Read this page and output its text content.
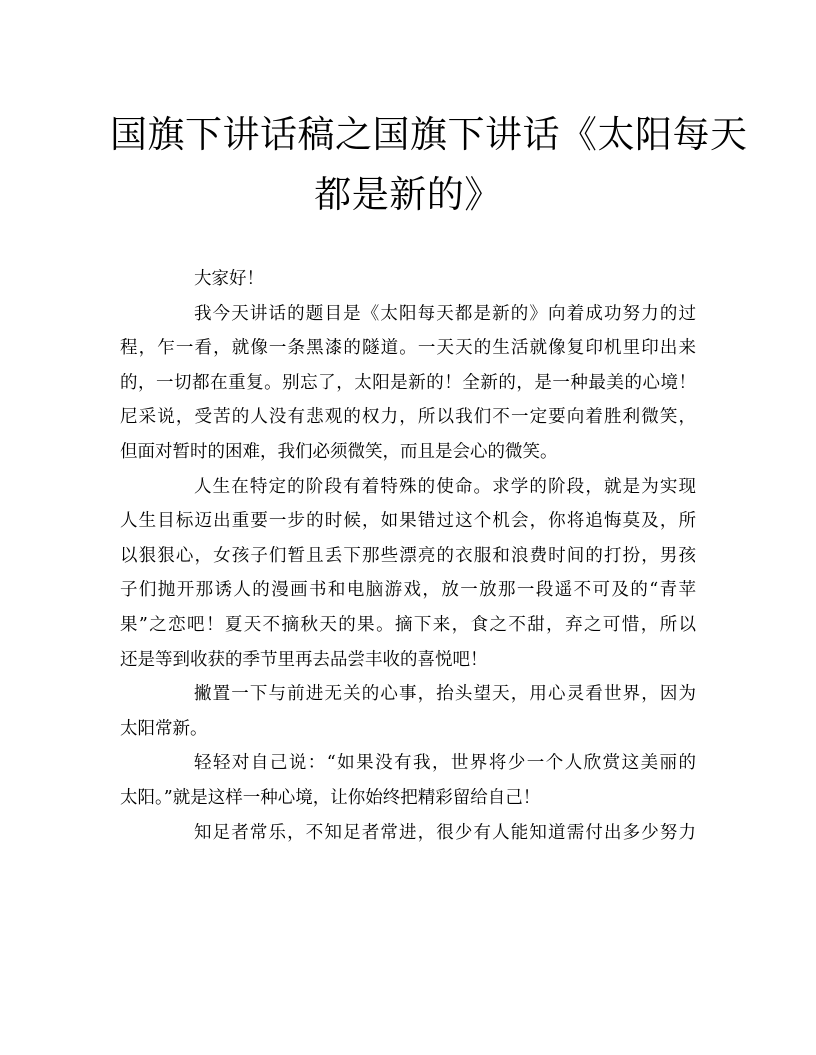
国旗下讲话稿之国旗下讲话《太阳每天
都是新的》
大家好！
我今天讲话的题目是《太阳每天都是新的》向着成功努力的过
程，乍一看，就像一条黑漆的隧道。一天天的生活就像复印机里印出来
的，一切都在重复。别忘了，太阳是新的！全新的，是一种最美的心境！
尼采说，受苦的人没有悲观的权力，所以我们不一定要向着胜利微笑，
但面对暂时的困难，我们必须微笑，而且是会心的微笑。
人生在特定的阶段有着特殊的使命。求学的阶段，就是为实现
人生目标迈出重要一步的时候，如果错过这个机会，你将追悔莫及，所
以狠狠心，女孩子们暂且丢下那些漂亮的衣服和浪费时间的打扮，男孩
子们抛开那诱人的漫画书和电脑游戏，放一放那一段遥不可及的“青苹
果”之恋吧！夏天不摘秋天的果。摘下来，食之不甜，弃之可惜，所以
还是等到收获的季节里再去品尝丰收的喜悦吧！
撇置一下与前进无关的心事，抬头望天，用心灵看世界，因为
太阳常新。
轻轻对自己说：“如果没有我，世界将少一个人欣赏这美丽的
太阳。”就是这样一种心境，让你始终把精彩留给自己！
知足者常乐，不知足者常进，很少有人能知道需付出多少努力
